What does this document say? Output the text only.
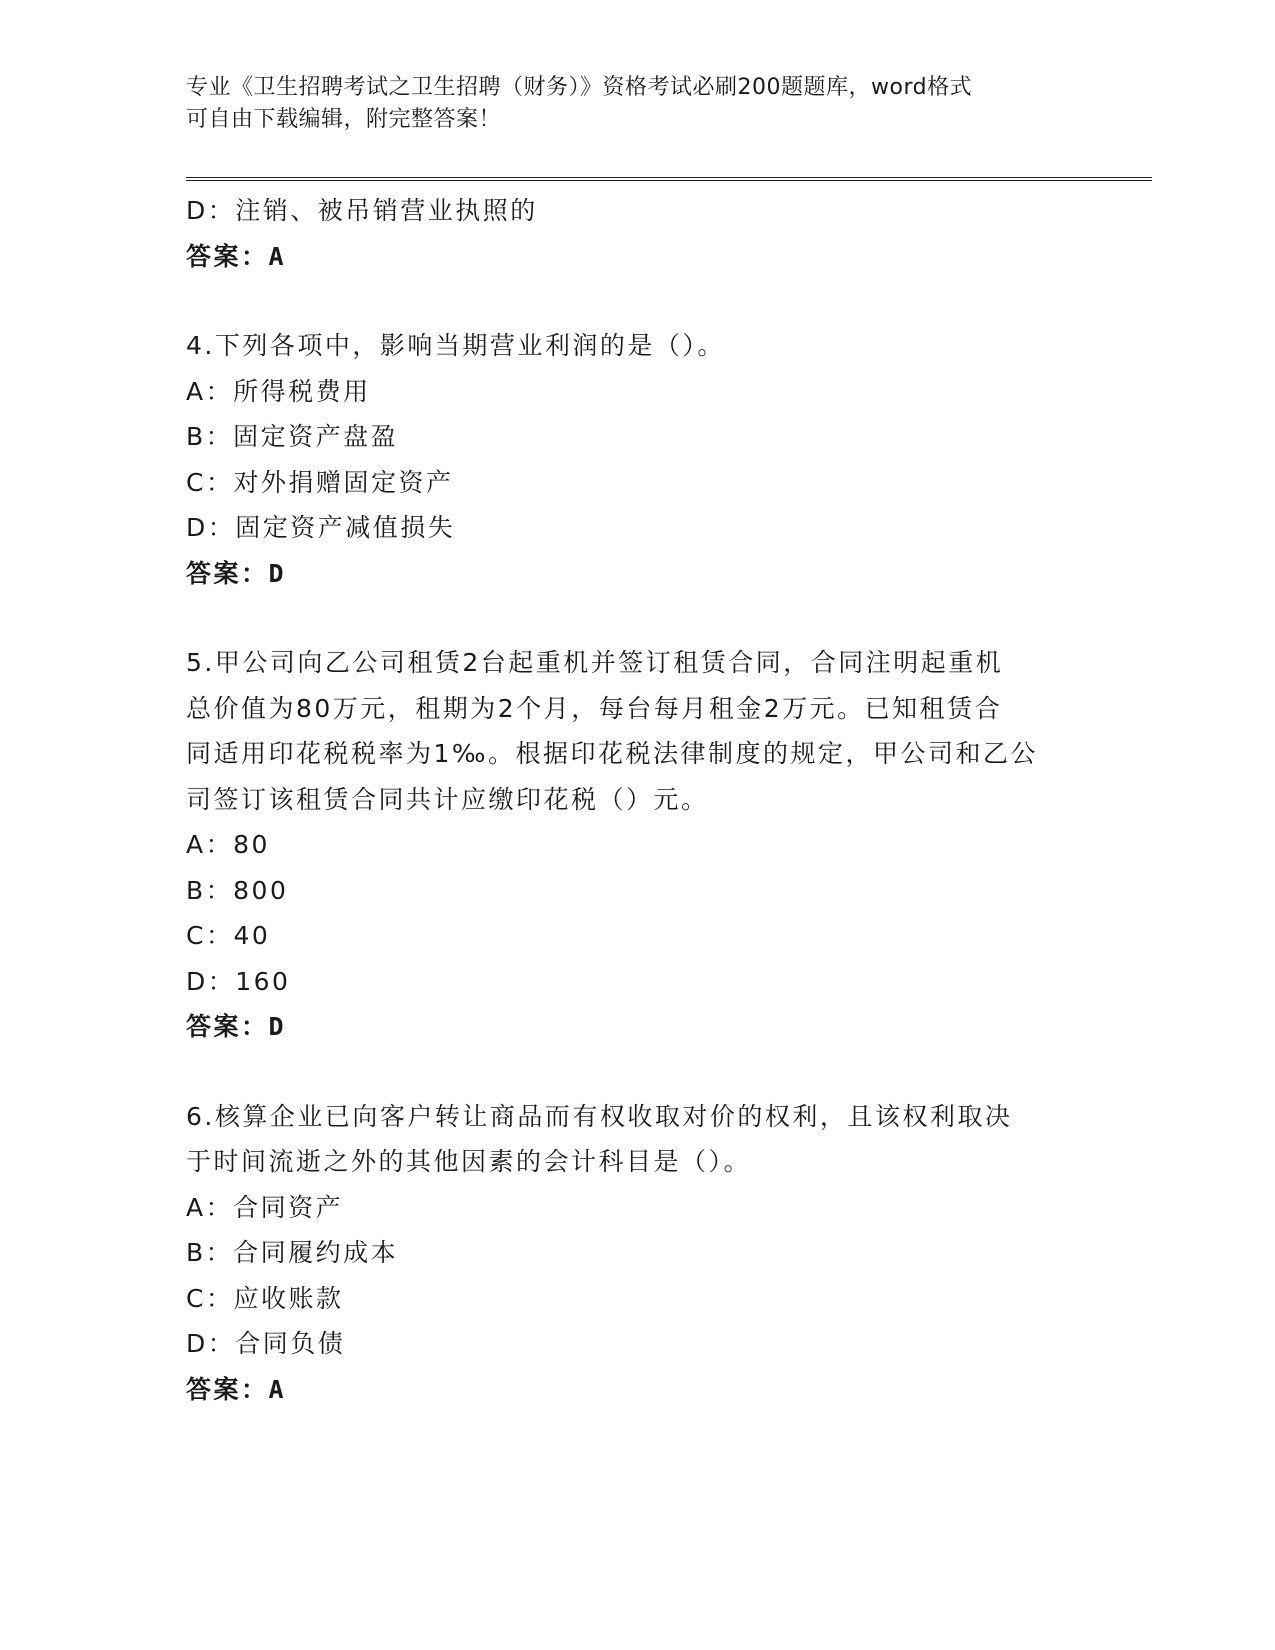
专业《卫生招聘考试之卫生招聘（财务）》资格考试必刷200题题库，word格式
可自由下载编辑，附完整答案！
D：注销、被吊销营业执照的
答案：A
4.下列各项中，影响当期营业利润的是（）。
A：所得税费用
B：固定资产盘盈
C：对外捐赠固定资产
D：固定资产减值损失
答案：D
5.甲公司向乙公司租赁2台起重机并签订租赁合同，合同注明起重机
总价值为80万元，租期为2个月，每台每月租金2万元。已知租赁合
同适用印花税税率为1‰。根据印花税法律制度的规定，甲公司和乙公
司签订该租赁合同共计应缴印花税（）元。
A：80
B：800
C：40
D：160
答案：D
6.核算企业已向客户转让商品而有权收取对价的权利，且该权利取决
于时间流逝之外的其他因素的会计科目是（）。
A：合同资产
B：合同履约成本
C：应收账款
D：合同负债
答案：A
